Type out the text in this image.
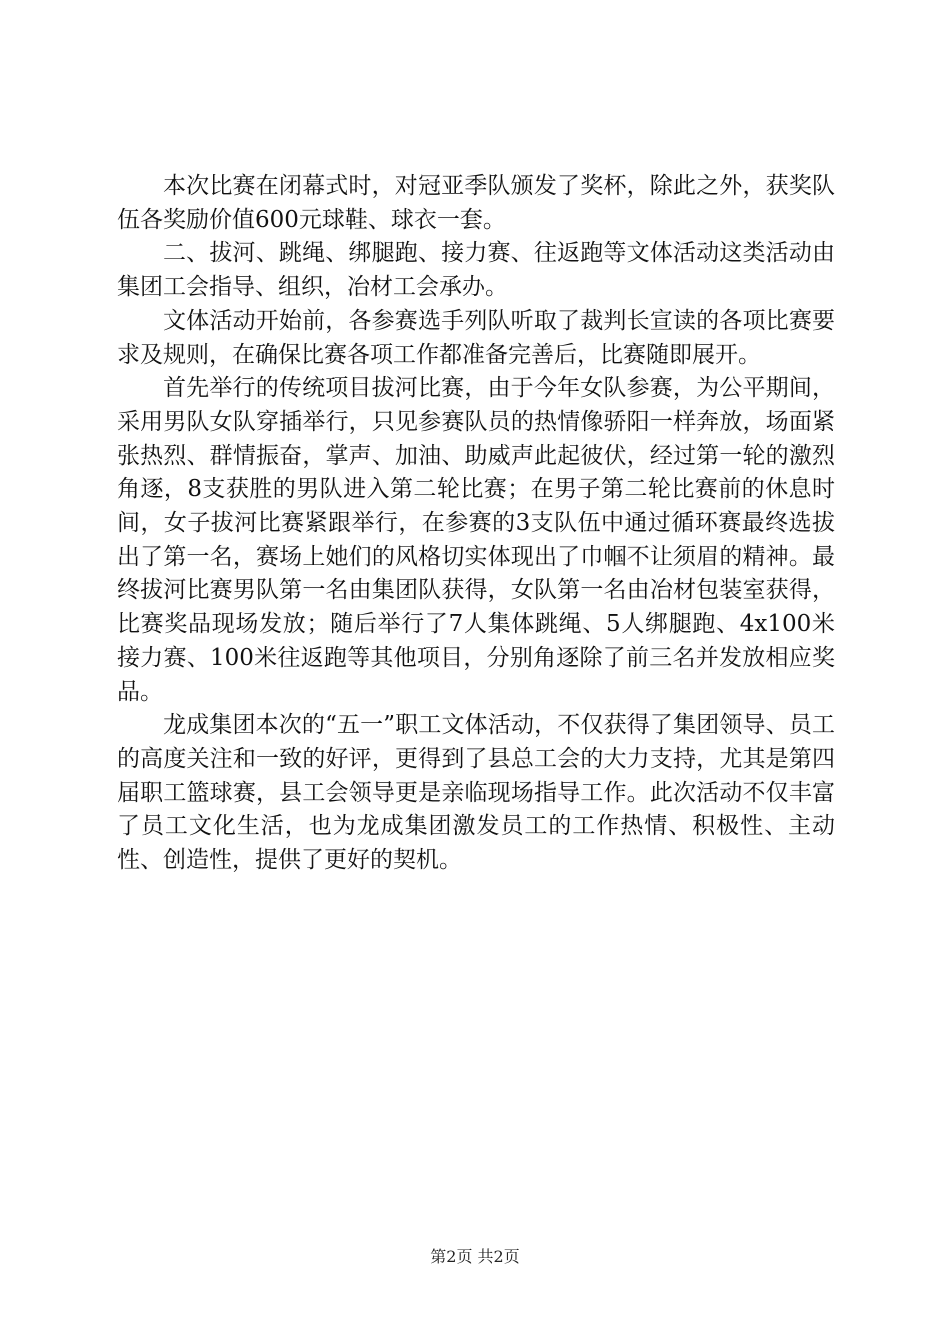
本次比赛在闭幕式时，对冠亚季队颁发了奖杯，除此之外，获奖队伍各奖励价值600元球鞋、球衣一套。

二、拔河、跳绳、绑腿跑、接力赛、往返跑等文体活动这类活动由集团工会指导、组织，冶材工会承办。

文体活动开始前，各参赛选手列队听取了裁判长宣读的各项比赛要求及规则，在确保比赛各项工作都准备完善后，比赛随即展开。

首先举行的传统项目拔河比赛，由于今年女队参赛，为公平期间，采用男队女队穿插举行，只见参赛队员的热情像骄阳一样奔放，场面紧张热烈、群情振奋，掌声、加油、助威声此起彼伏，经过第一轮的激烈角逐，8支获胜的男队进入第二轮比赛；在男子第二轮比赛前的休息时间，女子拔河比赛紧跟举行，在参赛的3支队伍中通过循环赛最终选拔出了第一名，赛场上她们的风格切实体现出了巾帼不让须眉的精神。最终拔河比赛男队第一名由集团队获得，女队第一名由冶材包装室获得，比赛奖品现场发放；随后举行了7人集体跳绳、5人绑腿跑、4x100米接力赛、100米往返跑等其他项目，分别角逐除了前三名并发放相应奖品。

龙成集团本次的“五一”职工文体活动，不仅获得了集团领导、员工的高度关注和一致的好评，更得到了县总工会的大力支持，尤其是第四届职工篮球赛，县工会领导更是亲临现场指导工作。此次活动不仅丰富了员工文化生活，也为龙成集团激发员工的工作热情、积极性、主动性、创造性，提供了更好的契机。

第2页 共2页
